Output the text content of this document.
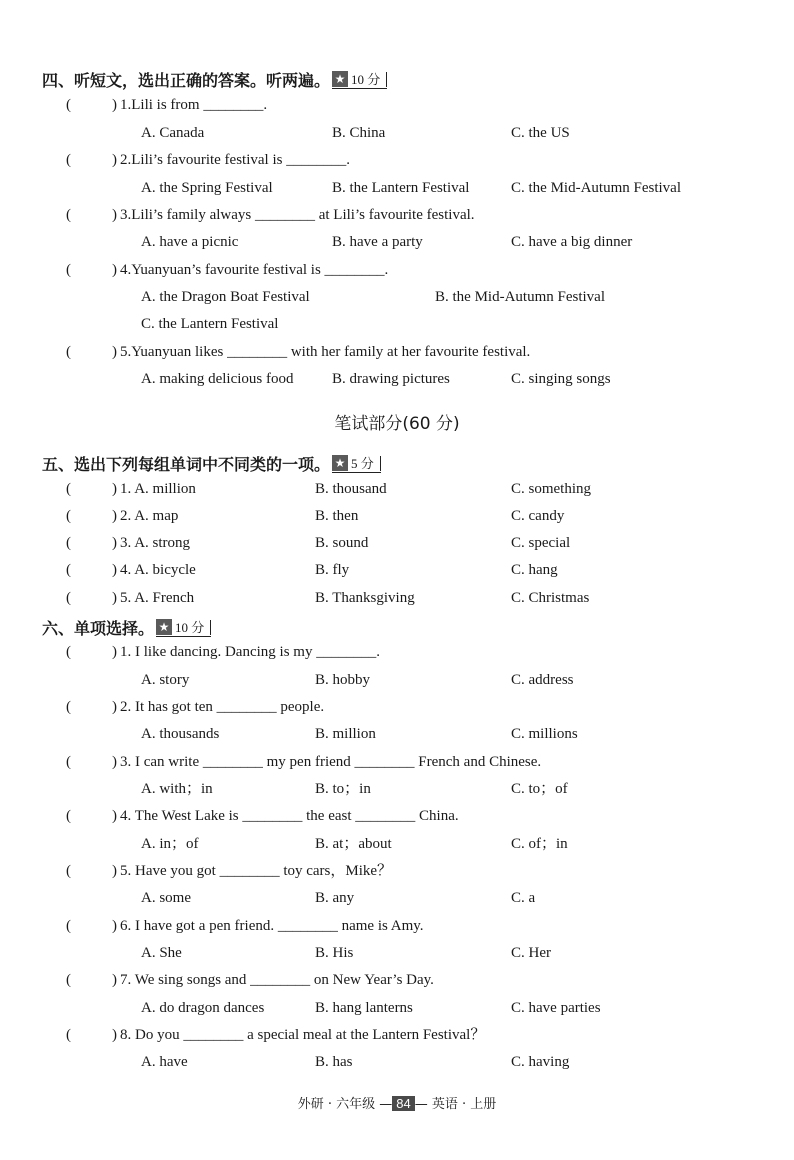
四、听短文，选出正确的答案。听两遍。 ★ 10 分
(	) 1.Lili is from ________.
A. Canada	B. China	C. the US
(	) 2.Lili’s favourite festival is ________.
A. the Spring Festival	B. the Lantern Festival	C. the Mid-Autumn Festival
(	) 3.Lili’s family always ________ at Lili’s favourite festival.
A. have a picnic	B. have a party	C. have a big dinner
(	) 4.Yuanyuan’s favourite festival is ________.
A. the Dragon Boat Festival	B. the Mid-Autumn Festival
C. the Lantern Festival
(	) 5.Yuanyuan likes ________ with her family at her favourite festival.
A. making delicious food	B. drawing pictures	C. singing songs
笔试部分(60 分)
五、选出下列每组单词中不同类的一项。 ★ 5 分
(	) 1. A. million	B. thousand	C. something
(	) 2. A. map	B. then	C. candy
(	) 3. A. strong	B. sound	C. special
(	) 4. A. bicycle	B. fly	C. hang
(	) 5. A. French	B. Thanksgiving	C. Christmas
六、单项选择。 ★ 10 分
(	) 1. I like dancing. Dancing is my ________.
A. story	B. hobby	C. address
(	) 2. It has got ten ________ people.
A. thousands	B. million	C. millions
(	) 3. I can write ________ my pen friend ________ French and Chinese.
A. with；in	B. to；in	C. to；of
(	) 4. The West Lake is ________ the east ________ China.
A. in；of	B. at；about	C. of；in
(	) 5. Have you got ________ toy cars，Mike？
A. some	B. any	C. a
(	) 6. I have got a pen friend. ________ name is Amy.
A. She	B. His	C. Her
(	) 7. We sing songs and ________ on New Year’s Day.
A. do dragon dances	B. hang lanterns	C. have parties
(	) 8. Do you ________ a special meal at the Lantern Festival？
A. have	B. has	C. having
外研 · 六年级 — 84 — 英语 · 上册
